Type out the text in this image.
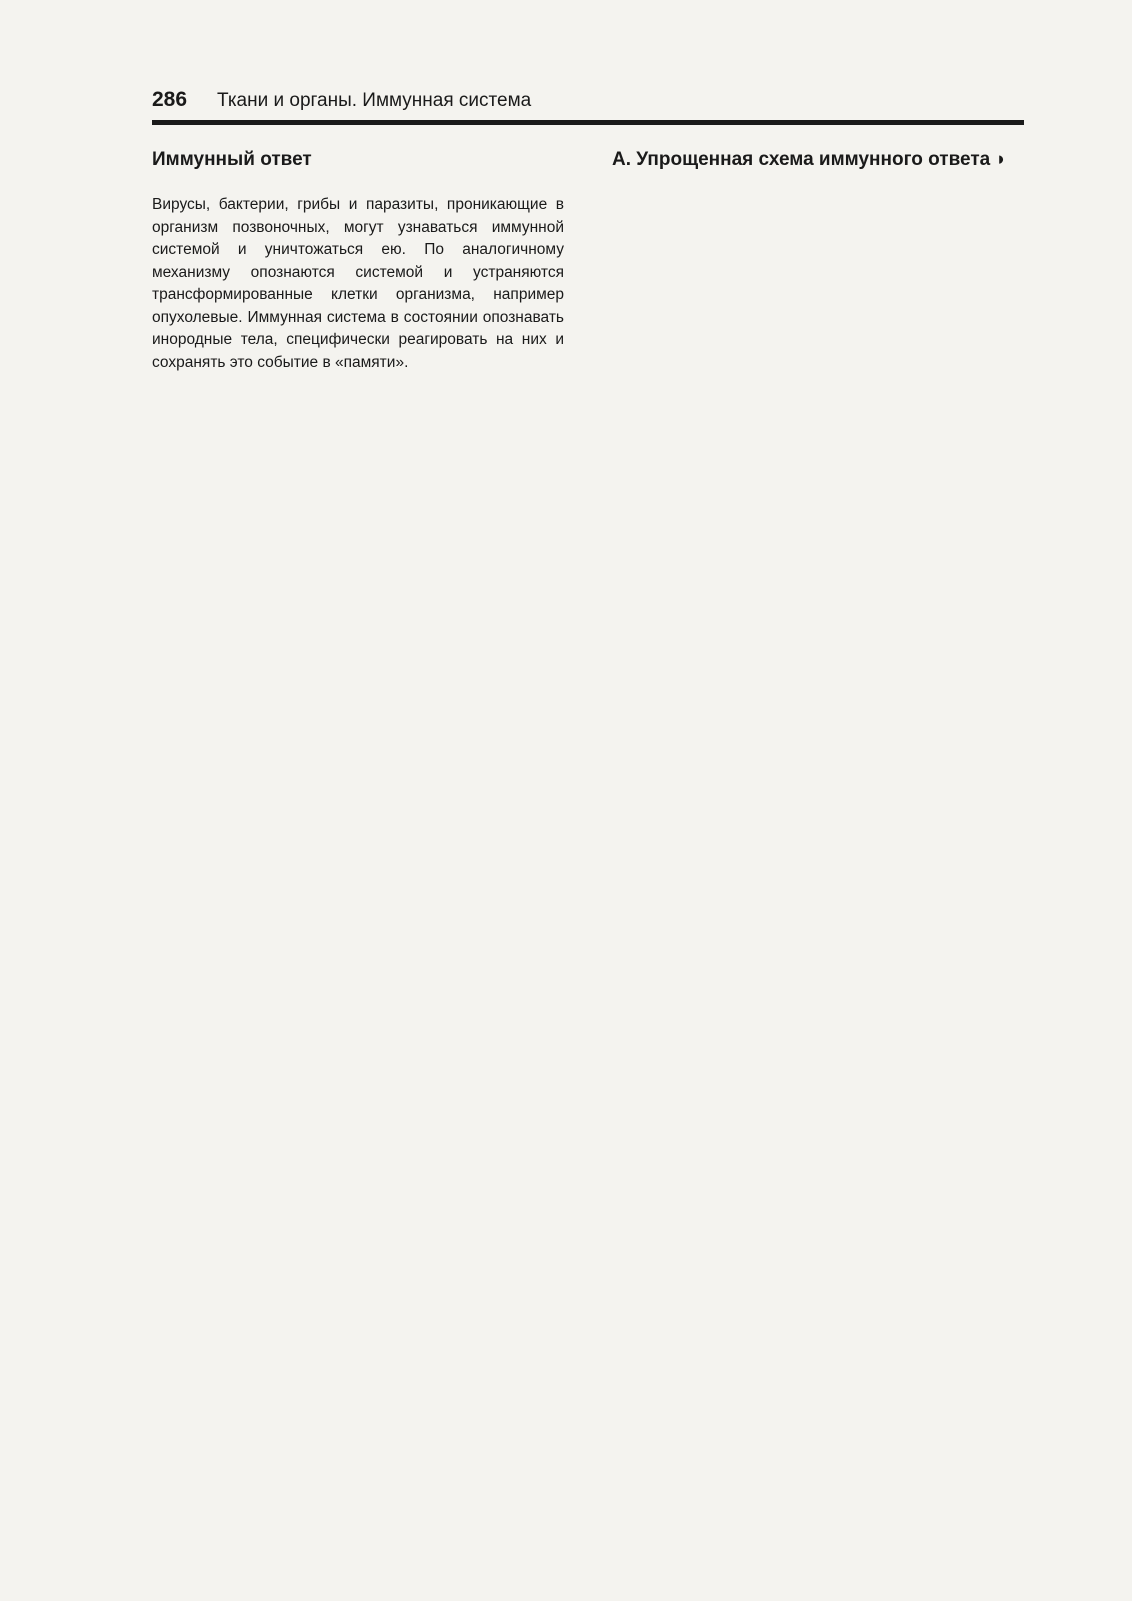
286 Ткани и органы. Иммунная система
Иммунный ответ

Вирусы, бактерии, грибы и паразиты, проникающие в организм позвоночных, могут узнаваться иммунной системой и уничтожаться ею. По аналогичному механизму опознаются системой и устраняются трансформированные клетки организма, например опухолевые. Иммунная система в состоянии опознавать инородные тела, специфически реагировать на них и сохранять это событие в «памяти».

А. Упрощенная схема иммунного ответа ◗
